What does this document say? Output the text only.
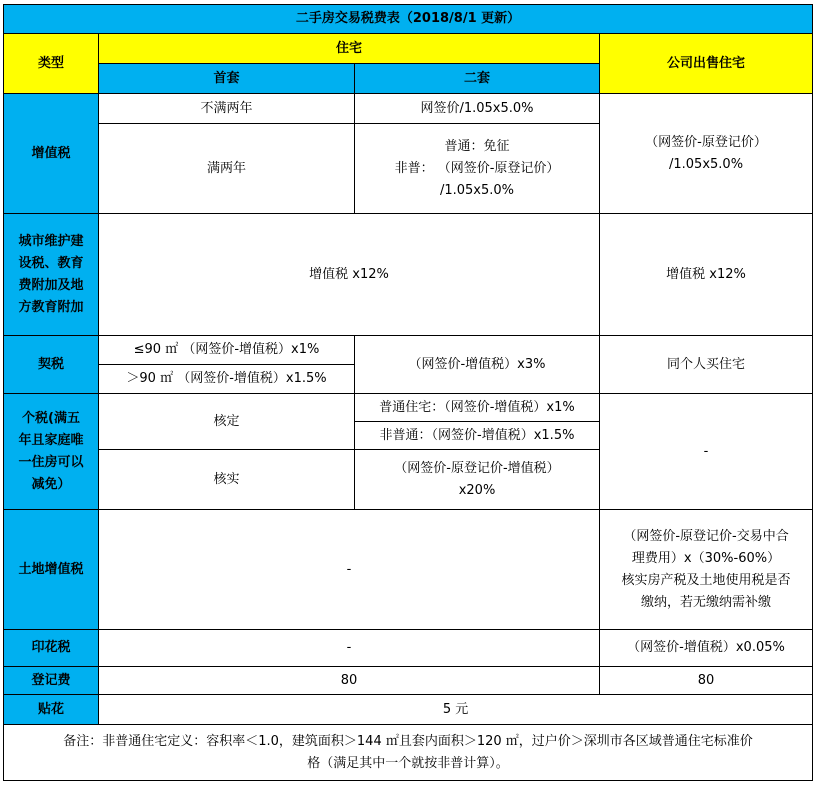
二手房交易税费表（2018/8/1 更新）			
类型	住宅		公司出售住宅
	首套	二套	
增值税	不满两年	网签价/1.05x5.0%	（网签价-原登记价）
/1.05x5.0%

	满两年	普通：免征
非普： （网签价-原登记价）
/1.05x5.0%	

城市维护建
设税、教育
费附加及地
方教育附加	增值税 x12%		增值税 x12%
契税	≤90 ㎡ （网签价-增值税）x1%	（网签价-增值税）x3%	同个人买住宅
	＞90 ㎡ （网签价-增值税）x1.5%		

个税(满五
年且家庭唯
一住房可以
减免）	核定	普通住宅：（网签价-增值税）x1%	-
		非普通：（网签价-增值税）x1.5%	
	核实	（网签价-原登记价-增值税）
x20%	

土地增值税	-		（网签价-原登记价-交易中合
理费用）x（30%-60%）
核实房产税及土地使用税是否
缴纳，若无缴纳需补缴

印花税	-		（网签价-增值税）x0.05%
登记费	80		80
贴花	5 元		

备注：非普通住宅定义：容积率＜1.0，建筑面积＞144 ㎡且套内面积＞120 ㎡，过户价＞深圳市各区域普通住宅标准价
格（满足其中一个就按非普计算）。			
